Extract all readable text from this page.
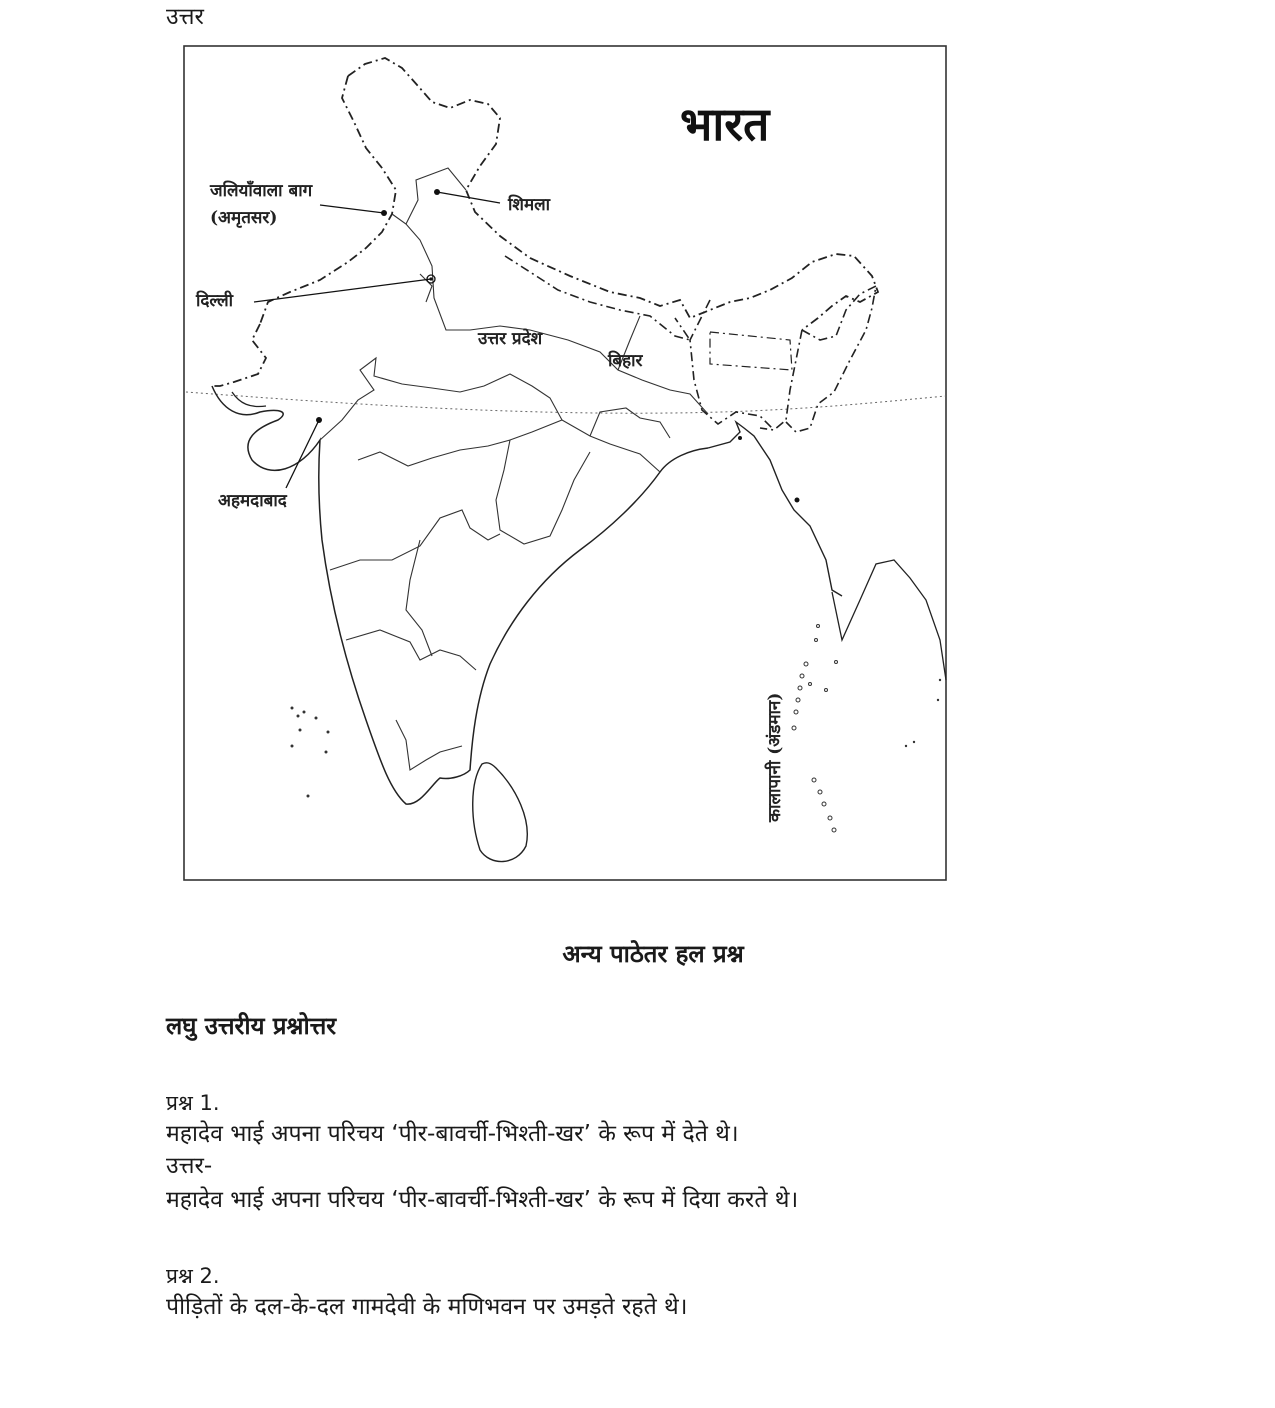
उत्तर
भारत
जलियाँवाला बाग
(अमृतसर)
शिमला
दिल्ली
उत्तर प्रदेश
बिहार
अहमदाबाद
कालापानी (अंडमान)
अन्य पाठेतर हल प्रश्न
लघु उत्तरीय प्रश्नोत्तर
प्रश्न 1.
महादेव भाई अपना परिचय ‘पीर-बावर्ची-भिश्ती-खर’ के रूप में देते थे।
उत्तर-
महादेव भाई अपना परिचय ‘पीर-बावर्ची-भिश्ती-खर’ के रूप में दिया करते थे।
प्रश्न 2.
पीड़ितों के दल-के-दल गामदेवी के मणिभवन पर उमड़ते रहते थे।
